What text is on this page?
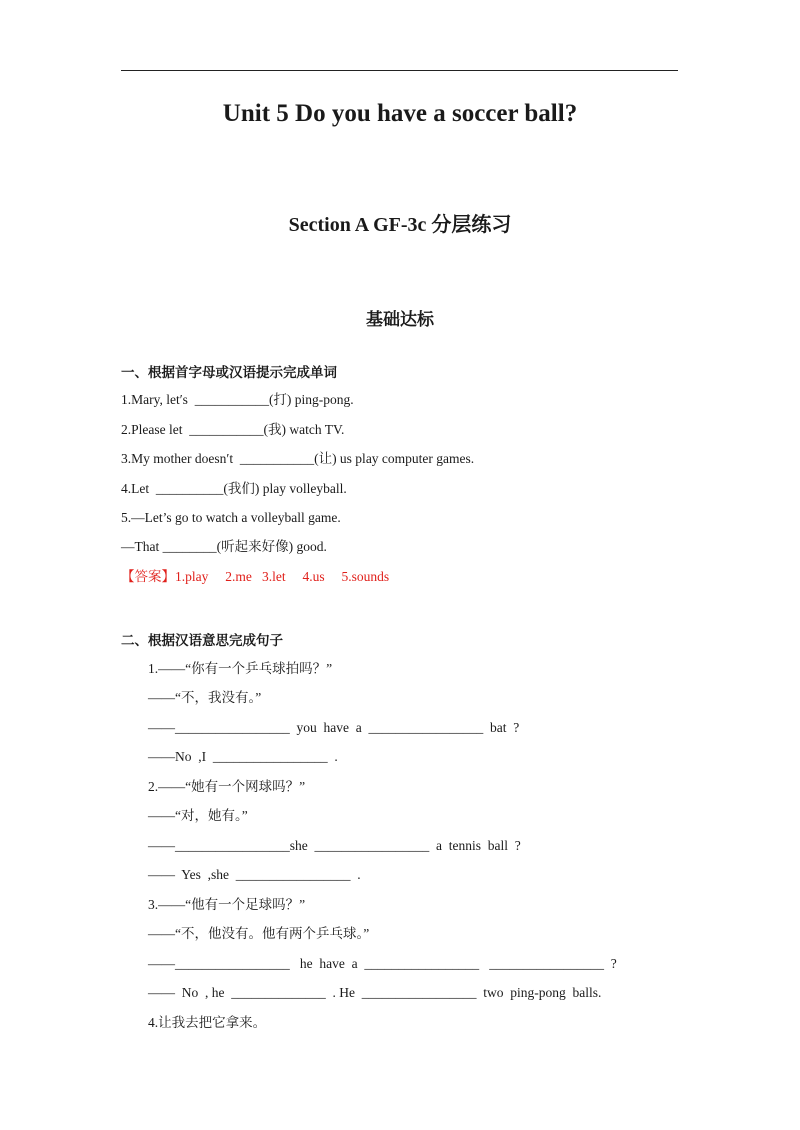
Unit 5 Do you have a soccer ball?
Section A GF-3c 分层练习
基础达标
一、根据首字母或汉语提示完成单词
1.Mary, let′s  ___________(打) ping-pong.
2.Please let  ___________(我) watch TV.
3.My mother doesn′t  ___________(让) us play computer games.
4.Let  __________(我们) play volleyball.
5.—Let’s go to watch a volleyball game.
—That ________(听起来好像) good.
【答案】1.play     2.me   3.let     4.us     5.sounds
二、根据汉语意思完成句子
1.——“你有一个乒乓球拍吗？”
——“不，我没有。”
——_________________  you  have  a  _________________  bat  ?
——No  ,I  _________________  .
2.——“她有一个网球吗？”
——“对，她有。”
——_________________she  _________________  a  tennis  ball  ?
——  Yes  ,she  _________________  .
3.——“他有一个足球吗？”
——“不，他没有。他有两个乒乓球。”
——_________________   he  have  a  _________________   _________________  ?
——  No  , he  ______________  . He  _________________  two  ping-pong  balls.
4.让我去把它拿来。
